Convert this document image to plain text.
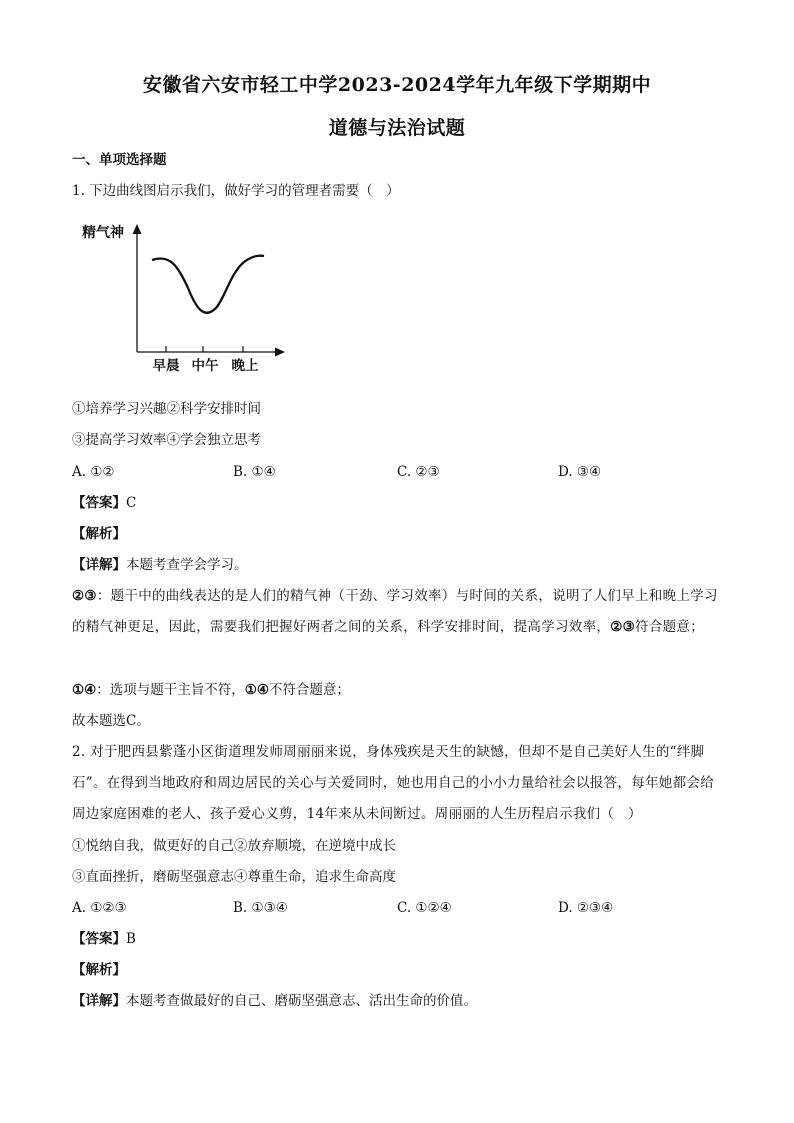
安徽省六安市轻工中学2023-2024学年九年级下学期期中
道德与法治试题
一、单项选择题
1. 下边曲线图启示我们，做好学习的管理者需要（　）
精气神
早晨 中午 晚上
①培养学习兴趣②科学安排时间
③提高学习效率④学会独立思考
A. ①②	B. ①④	C. ②③	D. ③④
【答案】C
【解析】
【详解】本题考查学会学习。
②③：题干中的曲线表达的是人们的精气神（干劲、学习效率）与时间的关系，说明了人们早上和晚上学习的精气神更足，因此，需要我们把握好两者之间的关系，科学安排时间，提高学习效率，②③符合题意；
①④：选项与题干主旨不符，①④不符合题意；
故本题选C。
2. 对于肥西县紫蓬小区街道理发师周丽丽来说，身体残疾是天生的缺憾，但却不是自己美好人生的“绊脚石”。在得到当地政府和周边居民的关心与关爱同时，她也用自己的小小力量给社会以报答，每年她都会给周边家庭困难的老人、孩子爱心义剪，14年来从未间断过。周丽丽的人生历程启示我们（　）
①悦纳自我，做更好的自己②放弃顺境，在逆境中成长
③直面挫折，磨砺坚强意志④尊重生命，追求生命高度
A. ①②③	B. ①③④	C. ①②④	D. ②③④
【答案】B
【解析】
【详解】本题考查做最好的自己、磨砺坚强意志、活出生命的价值。
